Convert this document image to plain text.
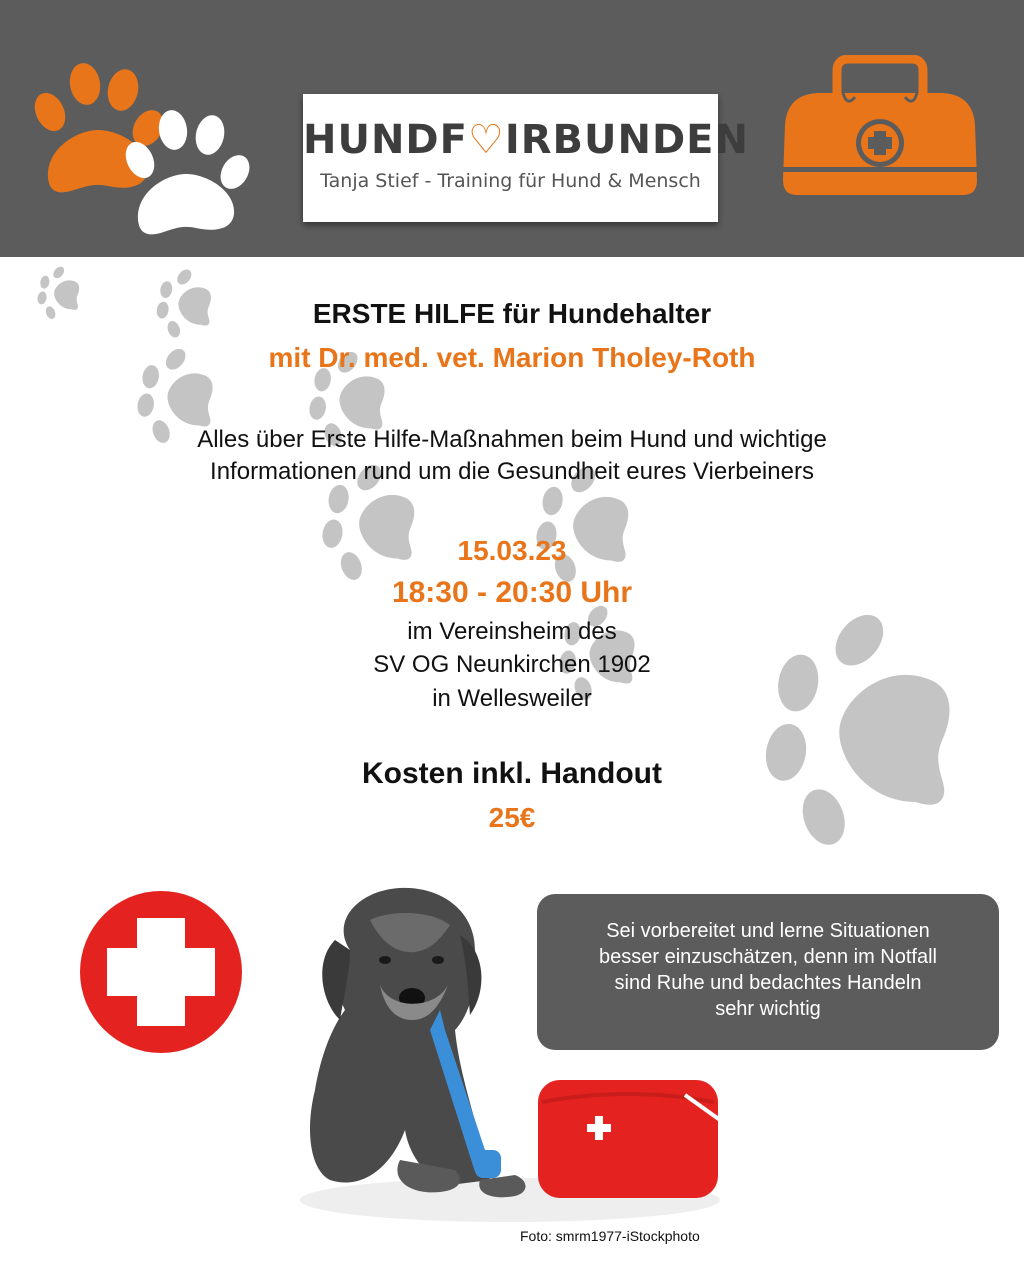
HUNDF♡IRBUNDEN
Tanja Stief - Training für Hund & Mensch
ERSTE HILFE für Hundehalter
mit Dr. med. vet. Marion Tholey-Roth
Alles über Erste Hilfe-Maßnahmen beim Hund und wichtige
Informationen rund um die Gesundheit eures Vierbeiners
15.03.23
18:30 - 20:30 Uhr
im Vereinsheim des
SV OG Neunkirchen 1902
in Wellesweiler
Kosten inkl. Handout
25€
Sei vorbereitet und lerne Situationen
besser einzuschätzen, denn im Notfall
sind Ruhe und bedachtes Handeln
sehr wichtig
Foto: smrm1977-iStockphoto
